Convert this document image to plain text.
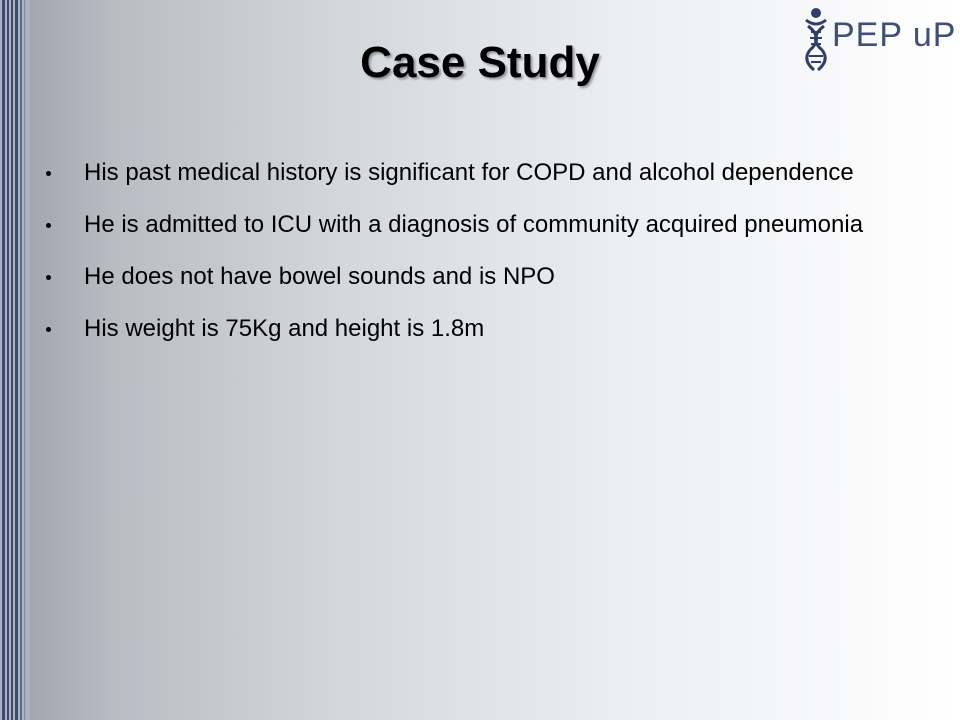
PEP uP
Case Study
His past medical history is significant for COPD and alcohol dependence
He is admitted to ICU with a diagnosis of community acquired pneumonia
He does not have bowel sounds and is NPO
His weight is 75Kg and height is 1.8m
